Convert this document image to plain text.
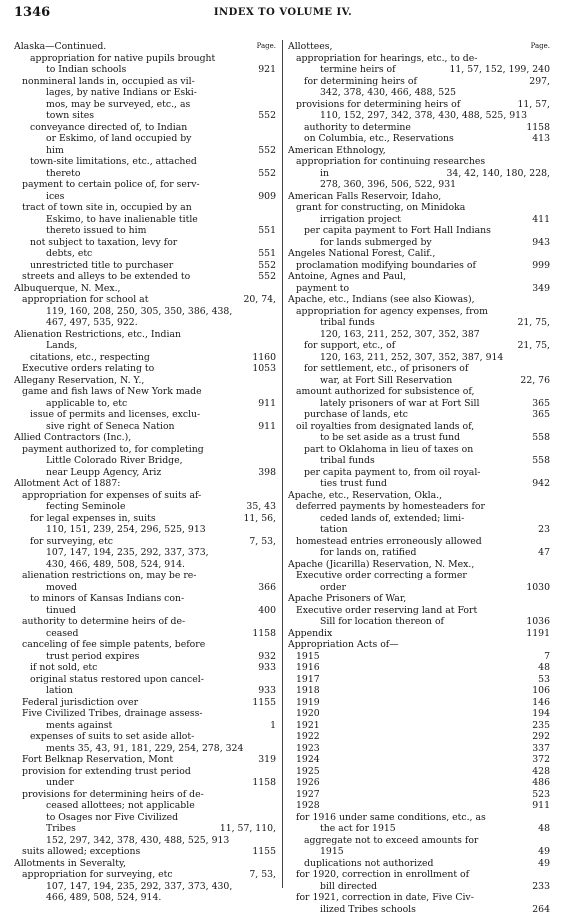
1346	INDEX TO VOLUME IV.
Alaska—Continued.	Page.
appropriation for native pupils brought
to Indian schools	921
nonmineral lands in, occupied as vil-
lages, by native Indians or Eski-
mos, may be surveyed, etc., as
town sites	552
conveyance directed of, to Indian
or Eskimo, of land occupied by
him	552
town-site limitations, etc., attached
thereto	552
payment to certain police of, for serv-
ices	909
tract of town site in, occupied by an
Eskimo, to have inalienable title
thereto issued to him	551
not subject to taxation, levy for
debts, etc	551
unrestricted title to purchaser	552
streets and alleys to be extended to	552
Albuquerque, N. Mex.,
appropriation for school at	20, 74,
119, 160, 208, 250, 305, 350, 386, 438,
467, 497, 535, 922.
Alienation Restrictions, etc., Indian
Lands,
citations, etc., respecting	1160
Executive orders relating to	1053
Allegany Reservation, N. Y.,
game and fish laws of New York made
applicable to, etc	911
issue of permits and licenses, exclu-
sive right of Seneca Nation	911
Allied Contractors (Inc.),
payment authorized to, for completing
Little Colorado River Bridge,
near Leupp Agency, Ariz	398
Allotment Act of 1887:
appropriation for expenses of suits af-
fecting Seminole	35, 43
for legal expenses in, suits	11, 56,
110, 151, 239, 254, 296, 525, 913
for surveying, etc	7, 53,
107, 147, 194, 235, 292, 337, 373,
430, 466, 489, 508, 524, 914.
alienation restrictions on, may be re-
moved	366
to minors of Kansas Indians con-
tinued	400
authority to determine heirs of de-
ceased	1158
canceling of fee simple patents, before
trust period expires	932
if not sold, etc	933
original status restored upon cancel-
lation	933
Federal jurisdiction over	1155
Five Civilized Tribes, drainage assess-
ments against	1
expenses of suits to set aside allot-
ments 35, 43, 91, 181, 229, 254, 278, 324
Fort Belknap Reservation, Mont	319
provision for extending trust period
under	1158
provisions for determining heirs of de-
ceased allottees; not applicable
to Osages nor Five Civilized
Tribes	11, 57, 110,
152, 297, 342, 378, 430, 488, 525, 913
suits allowed; exceptions	1155
Allotments in Severalty,
appropriation for surveying, etc	7, 53,
107, 147, 194, 235, 292, 337, 373, 430,
466, 489, 508, 524, 914.
Allottees,	Page.
appropriation for hearings, etc., to de-
termine heirs of	11, 57, 152, 199, 240
for determining heirs of	297,
342, 378, 430, 466, 488, 525
provisions for determining heirs of	11, 57,
110, 152, 297, 342, 378, 430, 488, 525, 913
authority to determine	1158
on Columbia, etc., Reservations	413
American Ethnology,
appropriation for continuing researches
in	34, 42, 140, 180, 228,
278, 360, 396, 506, 522, 931
American Falls Reservoir, Idaho,
grant for constructing, on Minidoka
irrigation project	411
per capita payment to Fort Hall Indians
for lands submerged by	943
Angeles National Forest, Calif.,
proclamation modifying boundaries of	999
Antoine, Agnes and Paul,
payment to	349
Apache, etc., Indians (see also Kiowas),
appropriation for agency expenses, from
tribal funds	21, 75,
120, 163, 211, 252, 307, 352, 387
for support, etc., of	21, 75,
120, 163, 211, 252, 307, 352, 387, 914
for settlement, etc., of prisoners of
war, at Fort Sill Reservation	22, 76
amount authorized for subsistence of,
lately prisoners of war at Fort Sill	365
purchase of lands, etc	365
oil royalties from designated lands of,
to be set aside as a trust fund	558
part to Oklahoma in lieu of taxes on
tribal funds	558
per capita payment to, from oil royal-
ties trust fund	942
Apache, etc., Reservation, Okla.,
deferred payments by homesteaders for
ceded lands of, extended; limi-
tation	23
homestead entries erroneously allowed
for lands on, ratified	47
Apache (Jicarilla) Reservation, N. Mex.,
Executive order correcting a former
order	1030
Apache Prisoners of War,
Executive order reserving land at Fort
Sill for location thereon of	1036
Appendix	1191
Appropriation Acts of—
1915	7
1916	48
1917	53
1918	106
1919	146
1920	194
1921	235
1922	292
1923	337
1924	372
1925	428
1926	486
1927	523
1928	911
for 1916 under same conditions, etc., as
the act for 1915	48
aggregate not to exceed amounts for
1915	49
duplications not authorized	49
for 1920, correction in enrollment of
bill directed	233
for 1921, correction in date, Five Civ-
ilized Tribes schools	264
